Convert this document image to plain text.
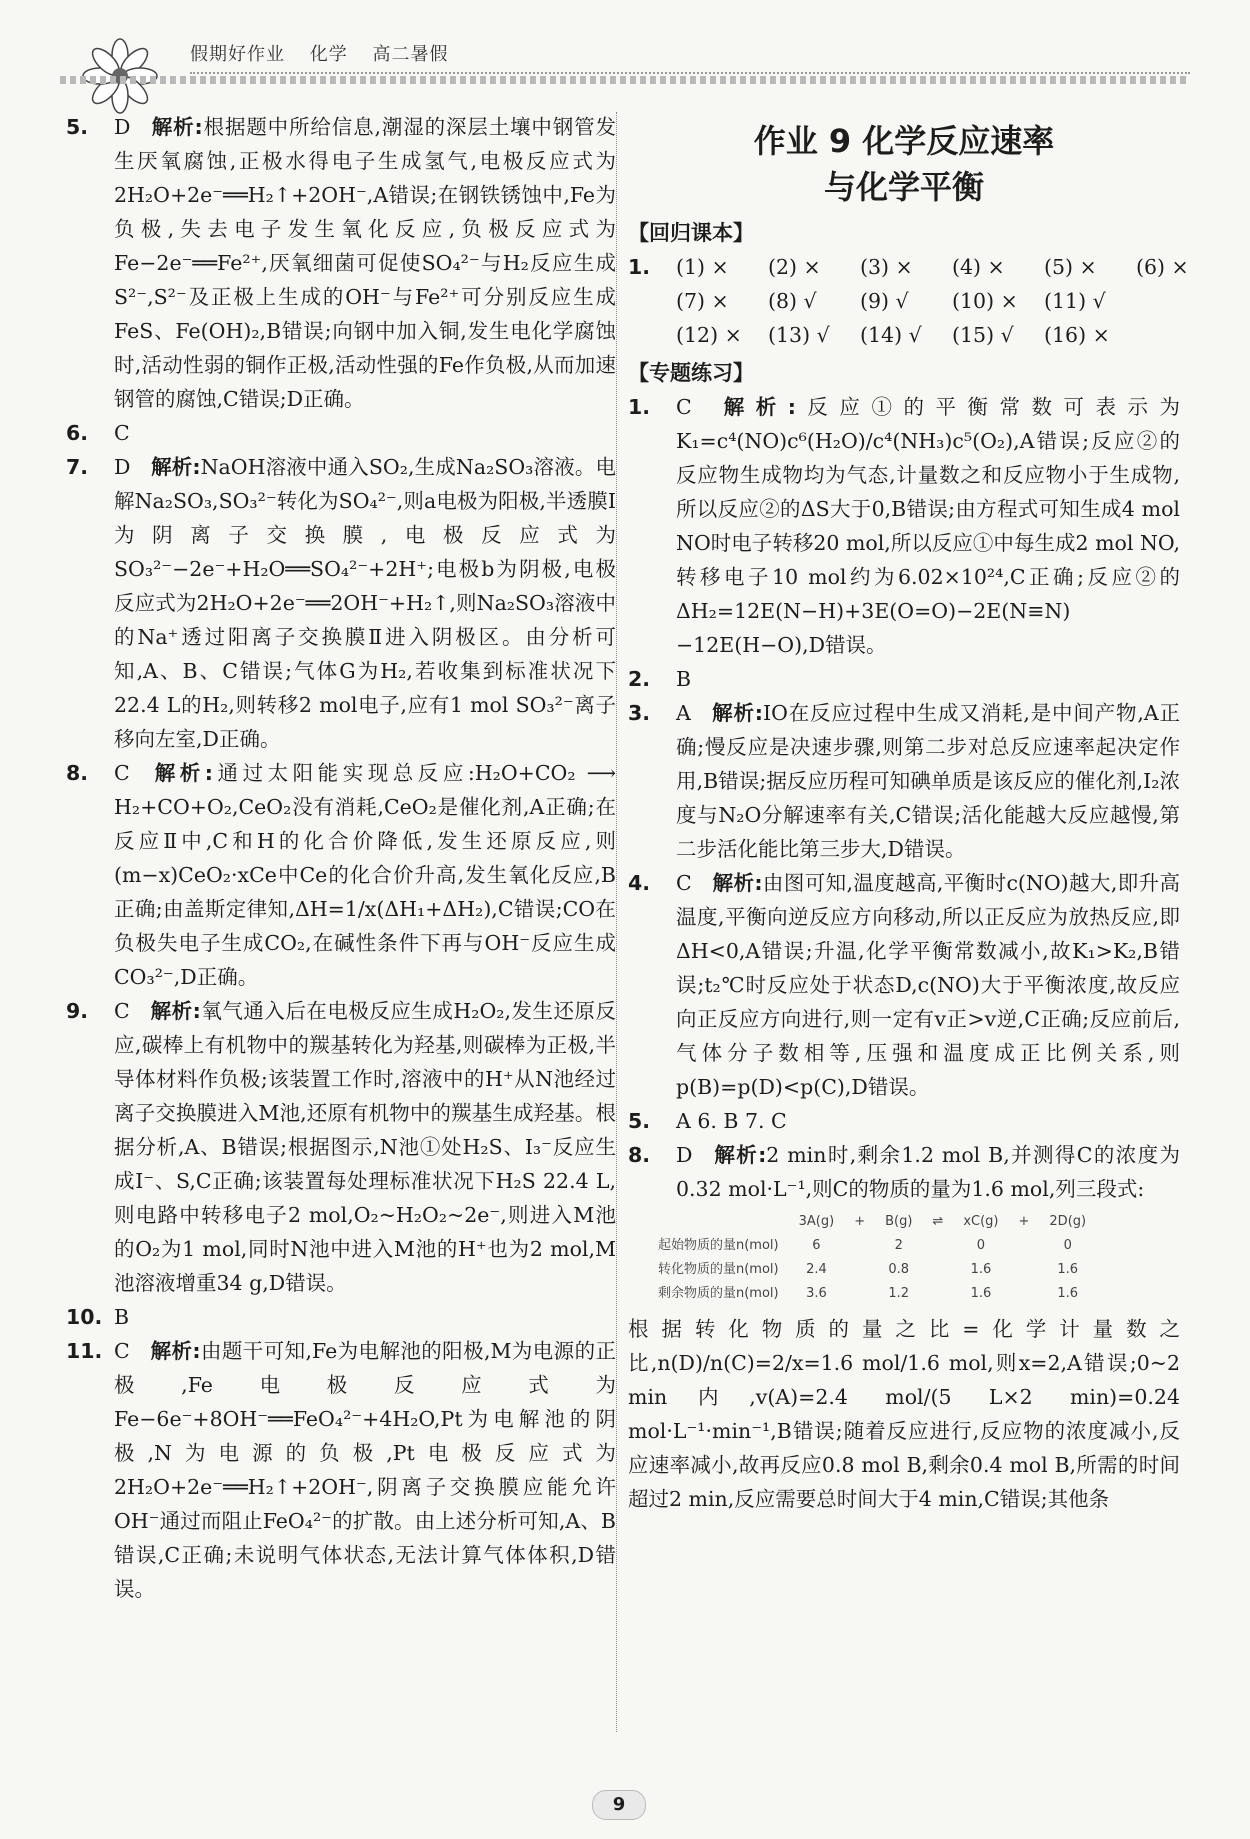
假期好作业 化学 高二暑假

5. D  解析:根据题中所给信息,潮湿的深层土壤中钢管发生厌氧腐蚀,正极水得电子生成氢气,电极反应式为2H₂O+2e⁻══H₂↑+2OH⁻,A错误;在钢铁锈蚀中,Fe为负极,失去电子发生氧化反应,负极反应式为Fe−2e⁻══Fe²⁺,厌氧细菌可促使SO₄²⁻与H₂反应生成S²⁻,S²⁻及正极上生成的OH⁻与Fe²⁺可分别反应生成FeS、Fe(OH)₂,B错误;向钢中加入铜,发生电化学腐蚀时,活动性弱的铜作正极,活动性强的Fe作负极,从而加速钢管的腐蚀,C错误;D正确。

6. C

7. D  解析:NaOH溶液中通入SO₂,生成Na₂SO₃溶液。电解Na₂SO₃,SO₃²⁻转化为SO₄²⁻,则a电极为阳极,半透膜Ⅰ为阴离子交换膜,电极反应式为SO₃²⁻−2e⁻+H₂O══SO₄²⁻+2H⁺;电极b为阴极,电极反应式为2H₂O+2e⁻══2OH⁻+H₂↑,则Na₂SO₃溶液中的Na⁺透过阳离子交换膜Ⅱ进入阴极区。由分析可知,A、B、C错误;气体G为H₂,若收集到标准状况下22.4 L的H₂,则转移2 mol电子,应有1 mol SO₃²⁻离子移向左室,D正确。

8. C  解析:通过太阳能实现总反应:H₂O+CO₂ ⟶ H₂+CO+O₂,CeO₂没有消耗,CeO₂是催化剂,A正确;在反应Ⅱ中,C和H的化合价降低,发生还原反应,则(m−x)CeO₂·xCe中Ce的化合价升高,发生氧化反应,B正确;由盖斯定律知,ΔH=1/x(ΔH₁+ΔH₂),C错误;CO在负极失电子生成CO₂,在碱性条件下再与OH⁻反应生成CO₃²⁻,D正确。

9. C  解析:氧气通入后在电极反应生成H₂O₂,发生还原反应,碳棒上有机物中的羰基转化为羟基,则碳棒为正极,半导体材料作负极;该装置工作时,溶液中的H⁺从N池经过离子交换膜进入M池,还原有机物中的羰基生成羟基。根据分析,A、B错误;根据图示,N池①处H₂S、I₃⁻反应生成I⁻、S,C正确;该装置每处理标准状况下H₂S 22.4 L,则电路中转移电子2 mol,O₂~H₂O₂~2e⁻,则进入M池的O₂为1 mol,同时N池中进入M池的H⁺也为2 mol,M池溶液增重34 g,D错误。

10. B

11. C  解析:由题干可知,Fe为电解池的阳极,M为电源的正极,Fe电极反应式为Fe−6e⁻+8OH⁻══FeO₄²⁻+4H₂O,Pt为电解池的阴极,N为电源的负极,Pt电极反应式为2H₂O+2e⁻══H₂↑+2OH⁻,阴离子交换膜应能允许OH⁻通过而阻止FeO₄²⁻的扩散。由上述分析可知,A、B错误,C正确;未说明气体状态,无法计算气体体积,D错误。

作业 9 化学反应速率
与化学平衡
【回归课本】
1. (1) × (2) × (3) × (4) × (5) × (6) ×
(7) × (8) √ (9) √ (10) × (11) √
(12) × (13) √ (14) √ (15) √ (16) ×
【专题练习】

1. C  解析:反应①的平衡常数可表示为K₁=c⁴(NO)c⁶(H₂O)/c⁴(NH₃)c⁵(O₂),A错误;反应②的反应物生成物均为气态,计量数之和反应物小于生成物,所以反应②的ΔS大于0,B错误;由方程式可知生成4 mol NO时电子转移20 mol,所以反应①中每生成2 mol NO,转移电子10 mol约为6.02×10²⁴,C正确;反应②的ΔH₂=12E(N−H)+3E(O=O)−2E(N≡N)−12E(H−O),D错误。

2. B

3. A  解析:IO在反应过程中生成又消耗,是中间产物,A正确;慢反应是决速步骤,则第二步对总反应速率起决定作用,B错误;据反应历程可知碘单质是该反应的催化剂,I₂浓度与N₂O分解速率有关,C错误;活化能越大反应越慢,第二步活化能比第三步大,D错误。

4. C  解析:由图可知,温度越高,平衡时c(NO)越大,即升高温度,平衡向逆反应方向移动,所以正反应为放热反应,即ΔH<0,A错误;升温,化学平衡常数减小,故K₁>K₂,B错误;t₂℃时反应处于状态D,c(NO)大于平衡浓度,故反应向正反应方向进行,则一定有v正>v逆,C正确;反应前后,气体分子数相等,压强和温度成正比例关系,则p(B)=p(D)<p(C),D错误。

5. A 6. B 7. C

8. D  解析:2 min时,剩余1.2 mol B,并测得C的浓度为0.32 mol·L⁻¹,则C的物质的量为1.6 mol,列三段式:

	3A(g)	+	B(g)	⇌	xC(g)	+	2D(g)
起始物质的量n(mol)	6		2		0		0
转化物质的量n(mol)	2.4		0.8		1.6		1.6
剩余物质的量n(mol)	3.6		1.2		1.6		1.6

根据转化物质的量之比=化学计量数之比,n(D)/n(C)=2/x=1.6 mol/1.6 mol,则x=2,A错误;0~2 min内,v(A)=2.4 mol/(5 L×2 min)=0.24 mol·L⁻¹·min⁻¹,B错误;随着反应进行,反应物的浓度减小,反应速率减小,故再反应0.8 mol B,剩余0.4 mol B,所需的时间超过2 min,反应需要总时间大于4 min,C错误;其他条

9
